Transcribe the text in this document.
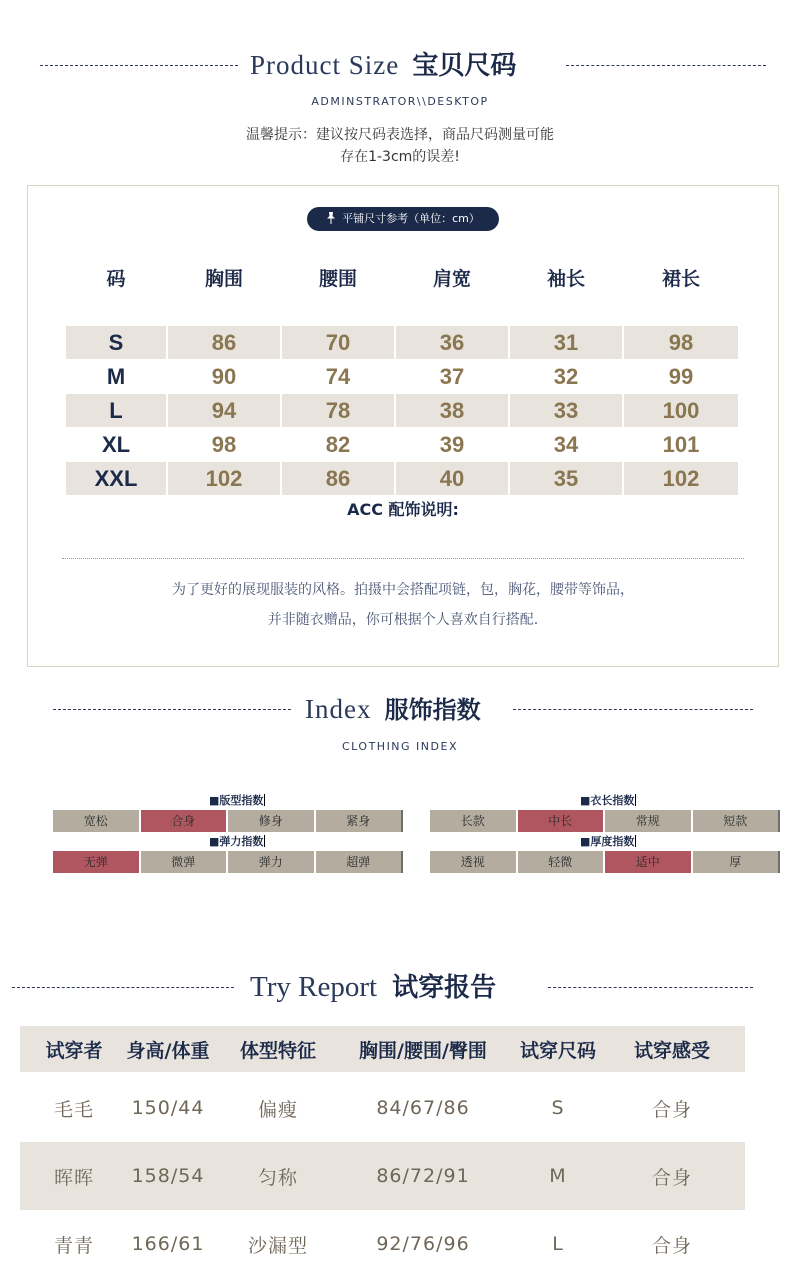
Product Size 宝贝尺码
ADMINSTRATOR\\DESKTOP
温馨提示：建议按尺码表选择，商品尺码测量可能
存在1-3cm的误差!
平铺尺寸参考（单位：cm）
码	胸围	腰围	肩宽	袖长	裙长
S	86	70	36	31	98
M	90	74	37	32	99
L	94	78	38	33	100
XL	98	82	39	34	101
XXL	102	86	40	35	102
ACC 配饰说明:
为了更好的展现服装的风格。拍摄中会搭配项链，包，胸花，腰带等饰品，
并非随衣赠品，你可根据个人喜欢自行搭配.
Index 服饰指数
CLOTHING INDEX
■版型指数
宽松	合身	修身	紧身
■衣长指数
长款	中长	常规	短款
■弹力指数
无弹	微弹	弹力	超弹
■厚度指数
透视	轻微	适中	厚
Try Report 试穿报告
试穿者	身高/体重	体型特征	胸围/腰围/臀围	试穿尺码	试穿感受
毛毛	150/44	偏瘦	84/67/86	S	合身
晖晖	158/54	匀称	86/72/91	M	合身
青青	166/61	沙漏型	92/76/96	L	合身
